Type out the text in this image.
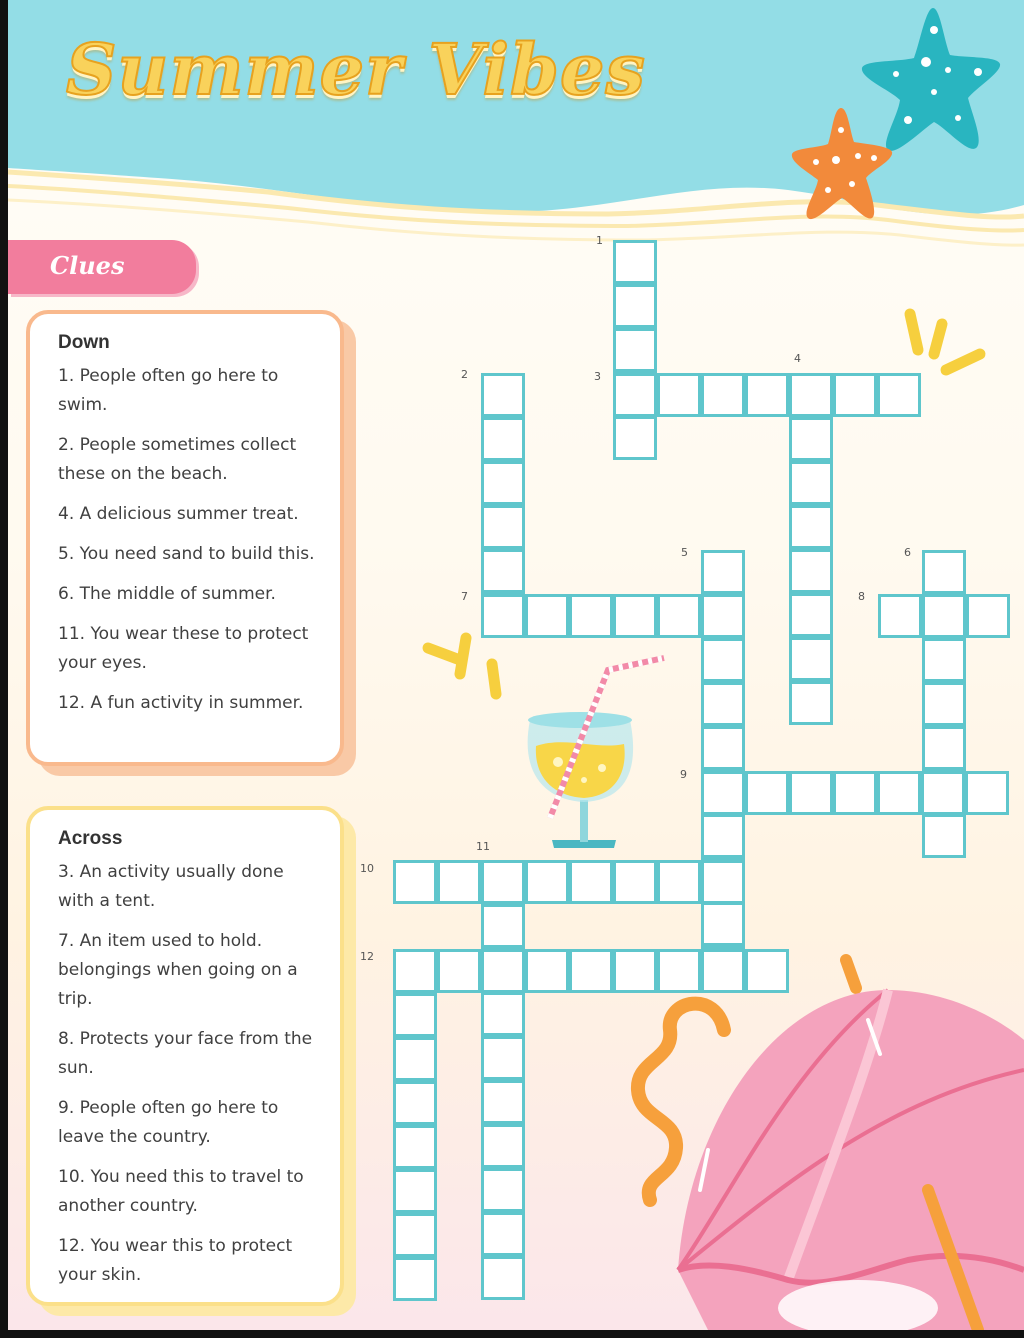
Summer Vibes
Clues

Down

1. People often go here to swim.

2. People sometimes collect these on the beach.

4. A delicious summer treat.

5. You need sand to build this.

6. The middle of summer.

11. You wear these to protect your eyes.

12. A fun activity in summer.

Across

3. An activity usually done with a tent.

7. An item used to hold. belongings when going on a trip.

8. Protects your face from the sun.

9. People often go here to leave the country.

10. You need this to travel to another country.

12. You wear this to protect your skin.

1
2	3
4
5	6
7	8
9
10
11
12
